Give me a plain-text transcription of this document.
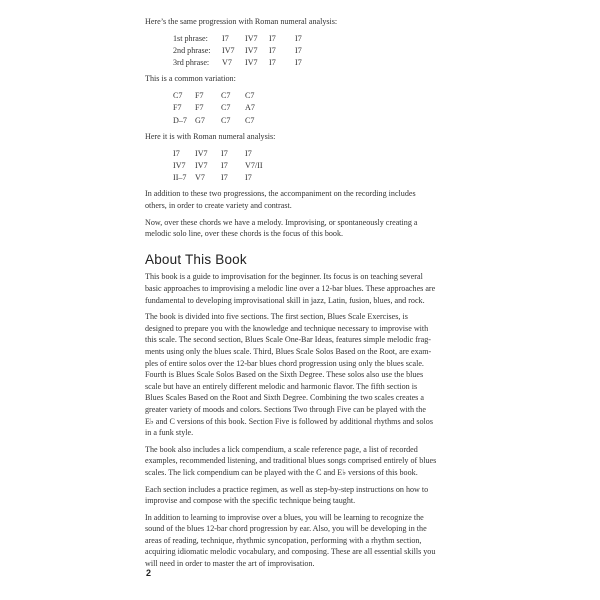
Here’s the same progression with Roman numeral analysis:

1st phrase:	I7	IV7	I7	I7
2nd phrase:	IV7	IV7	I7	I7
3rd phrase:	V7	IV7	I7	I7

This is a common variation:

C7	F7	C7	C7
F7	F7	C7	A7
D–7 G7	C7	C7

Here it is with Roman numeral analysis:

I7	IV7	I7	I7
IV7	IV7	I7	V7/II
II–7	V7	I7	I7

In addition to these two progressions, the accompaniment on the recording includes
others, in order to create variety and contrast.

Now, over these chords we have a melody. Improvising, or spontaneously creating a
melodic solo line, over these chords is the focus of this book.

About This Book

This book is a guide to improvisation for the beginner. Its focus is on teaching several
basic approaches to improvising a melodic line over a 12-bar blues. These approaches are
fundamental to developing improvisational skill in jazz, Latin, fusion, blues, and rock.

The book is divided into five sections. The first section, Blues Scale Exercises, is
designed to prepare you with the knowledge and technique necessary to improvise with
this scale. The second section, Blues Scale One-Bar Ideas, features simple melodic frag-
ments using only the blues scale. Third, Blues Scale Solos Based on the Root, are exam-
ples of entire solos over the 12-bar blues chord progression using only the blues scale.
Fourth is Blues Scale Solos Based on the Sixth Degree. These solos also use the blues
scale but have an entirely different melodic and harmonic flavor. The fifth section is
Blues Scales Based on the Root and Sixth Degree. Combining the two scales creates a
greater variety of moods and colors. Sections Two through Five can be played with the
E♭ and C versions of this book. Section Five is followed by additional rhythms and solos
in a funk style.

The book also includes a lick compendium, a scale reference page, a list of recorded
examples, recommended listening, and traditional blues songs comprised entirely of blues
scales. The lick compendium can be played with the C and E♭ versions of this book.

Each section includes a practice regimen, as well as step-by-step instructions on how to
improvise and compose with the specific technique being taught.

In addition to learning to improvise over a blues, you will be learning to recognize the
sound of the blues 12-bar chord progression by ear. Also, you will be developing in the
areas of reading, technique, rhythmic syncopation, performing with a rhythm section,
acquiring idiomatic melodic vocabulary, and composing. These are all essential skills you
will need in order to master the art of improvisation.

2
